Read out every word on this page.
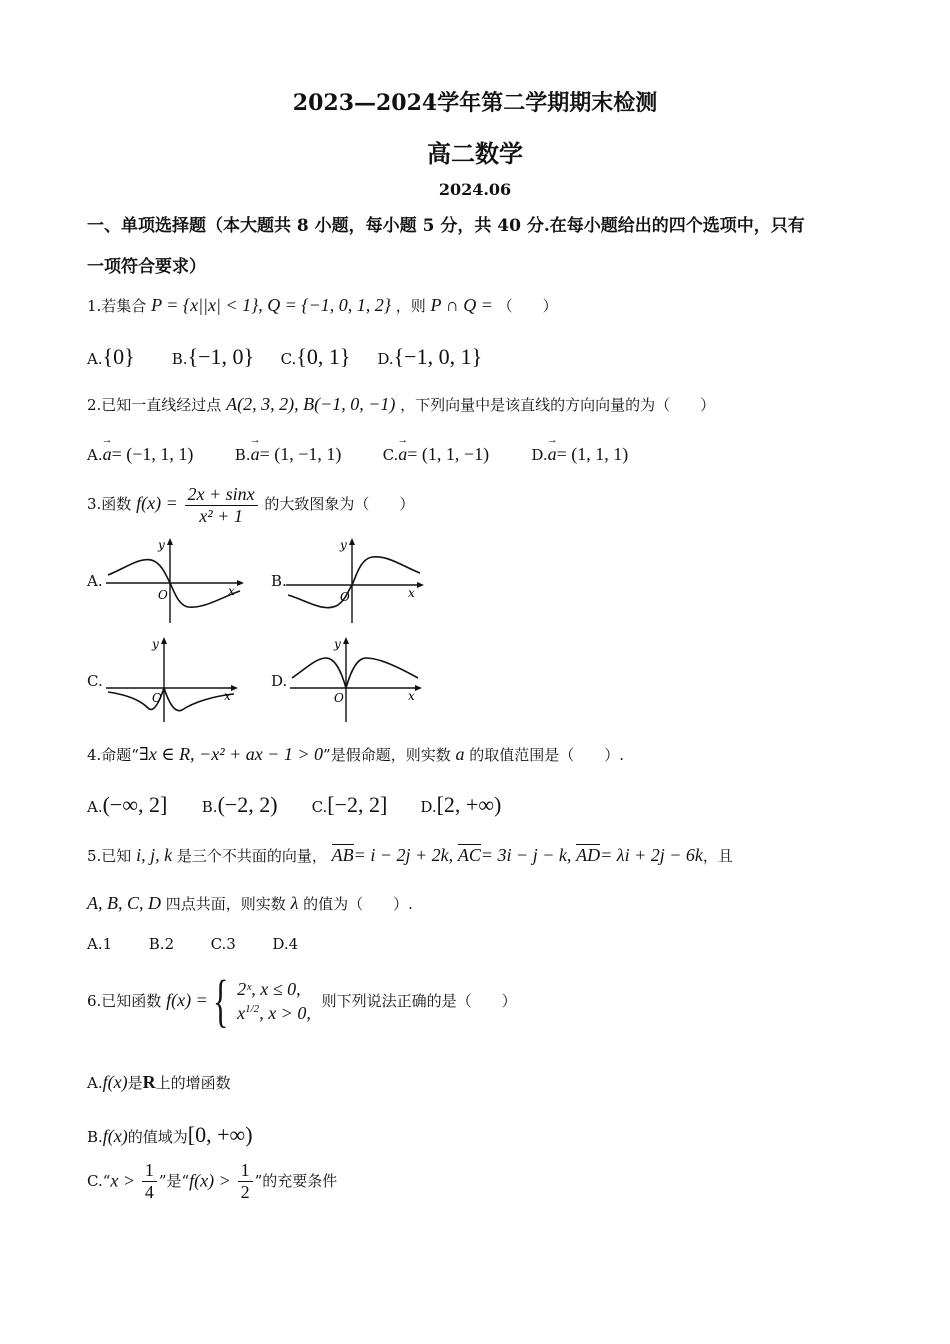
2023—2024学年第二学期期末检测
高二数学
2024.06
一、单项选择题（本大题共 8 小题，每小题 5 分，共 40 分.在每小题给出的四个选项中，只有
一项符合要求）
1.若集合 P = {x||x| < 1}, Q = {−1, 0, 1, 2} ，则 P ∩ Q = （　　）
A.{0} B.{−1, 0} C.{0, 1} D.{−1, 0, 1}
2.已知一直线经过点 A(2, 3, 2), B(−1, 0, −1) ，下列向量中是该直线的方向向量的为（　　）
A.→ a= (−1, 1, 1)	B.→ a= (1, −1, 1)	C.→ a= (1, 1, −1)	D.→ a= (1, 1, 1)
3.函数 $f(x) = \frac{2x + \sin x}{\text{x² + 1}}$ 的大致图象为（　　）
A.
y
x
O
B.
y
x
O
C.
y
x
O
D.
y
x
O
4.命题“∃x ∈ R, −x² + ax − 1 > 0”是假命题，则实数 a 的取值范围是（　　）.
A.(−∞, 2] B.(−2, 2) C.[−2, 2] D.[2, +∞)
5.已知 i, j, k 是三个不共面的向量， AB= i − 2j + 2k, AC= 3i − j − k, AD= λi + 2j − 6k，且
A, B, C, D 四点共面，则实数 λ 的值为（　　）.
A.1 B.2 C.3 D.4
6.已知函数 f(x) = { 2ˣ, x ≤ 0,
$x^{1/2}$, x > 0,
则下列说法正确的是（　　）
A.f(x)是R上的增函数
B.f(x)的值域为[0, +∞)
C.“x > $\frac{1}{4}$ ”是“$f(x) > \frac{1}{2}$ ”的充要条件
